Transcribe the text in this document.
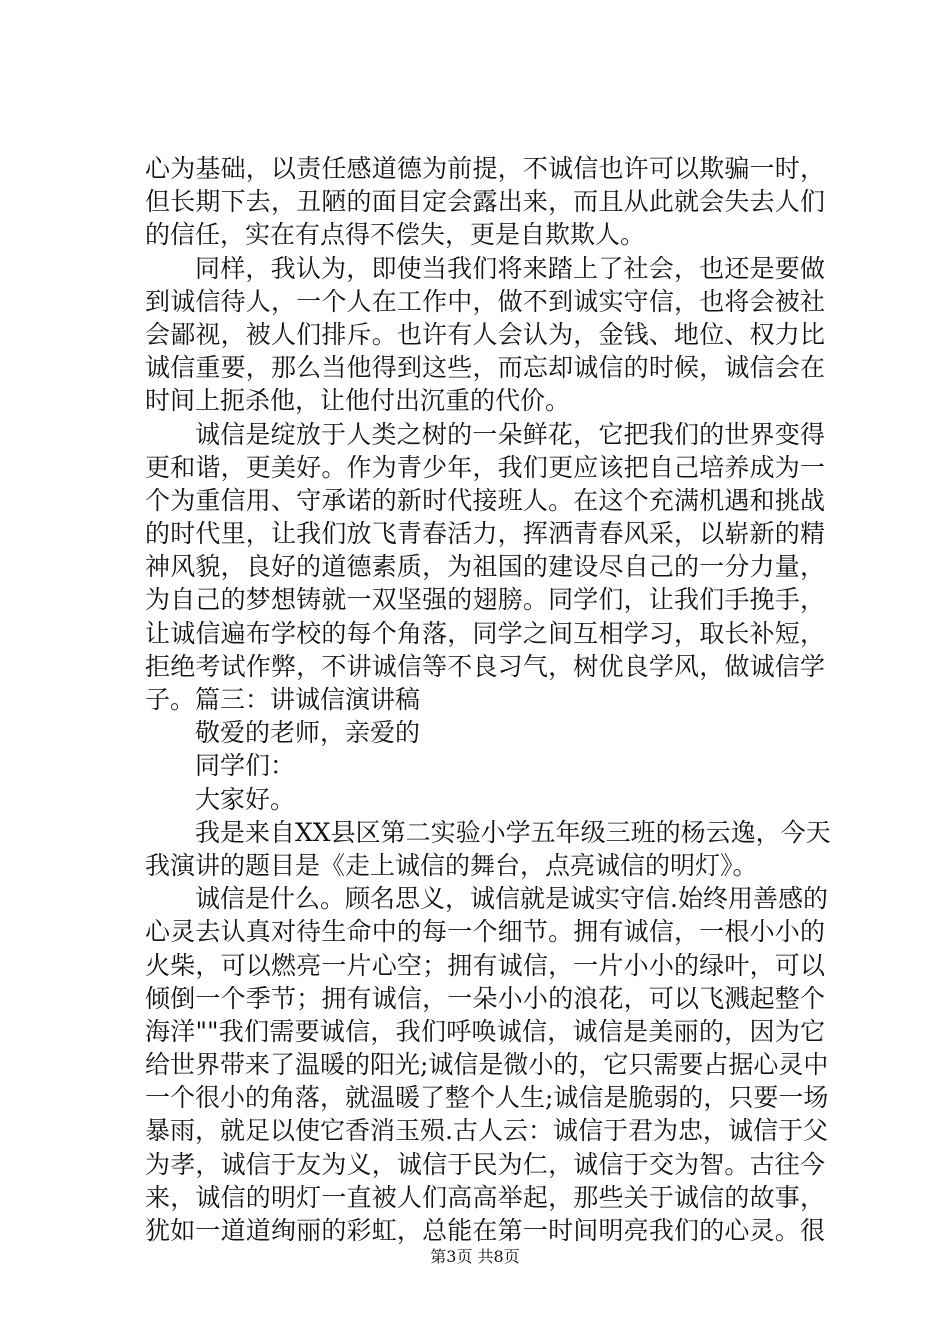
心为基础，以责任感道德为前提，不诚信也许可以欺骗一时，
但长期下去，丑陋的面目定会露出来，而且从此就会失去人们
的信任，实在有点得不偿失，更是自欺欺人。
同样，我认为，即使当我们将来踏上了社会，也还是要做
到诚信待人，一个人在工作中，做不到诚实守信，也将会被社
会鄙视，被人们排斥。也许有人会认为，金钱、地位、权力比
诚信重要，那么当他得到这些，而忘却诚信的时候，诚信会在
时间上扼杀他，让他付出沉重的代价。
诚信是绽放于人类之树的一朵鲜花，它把我们的世界变得
更和谐，更美好。作为青少年，我们更应该把自己培养成为一
个为重信用、守承诺的新时代接班人。在这个充满机遇和挑战
的时代里，让我们放飞青春活力，挥洒青春风采，以崭新的精
神风貌，良好的道德素质，为祖国的建设尽自己的一分力量，
为自己的梦想铸就一双坚强的翅膀。同学们，让我们手挽手，
让诚信遍布学校的每个角落，同学之间互相学习，取长补短，
拒绝考试作弊，不讲诚信等不良习气，树优良学风，做诚信学
子。篇三：讲诚信演讲稿
敬爱的老师，亲爱的
同学们：
大家好。
我是来自XX县区第二实验小学五年级三班的杨云逸，今天
我演讲的题目是《走上诚信的舞台，点亮诚信的明灯》。
诚信是什么。顾名思义，诚信就是诚实守信.始终用善感的
心灵去认真对待生命中的每一个细节。拥有诚信，一根小小的
火柴，可以燃亮一片心空；拥有诚信，一片小小的绿叶，可以
倾倒一个季节；拥有诚信，一朵小小的浪花，可以飞溅起整个
海洋""我们需要诚信，我们呼唤诚信，诚信是美丽的，因为它
给世界带来了温暖的阳光;诚信是微小的，它只需要占据心灵中
一个很小的角落，就温暖了整个人生;诚信是脆弱的，只要一场
暴雨，就足以使它香消玉殒.古人云：诚信于君为忠，诚信于父
为孝，诚信于友为义，诚信于民为仁，诚信于交为智。古往今
来，诚信的明灯一直被人们高高举起，那些关于诚信的故事，
犹如一道道绚丽的彩虹，总能在第一时间明亮我们的心灵。很
第3页 共8页
